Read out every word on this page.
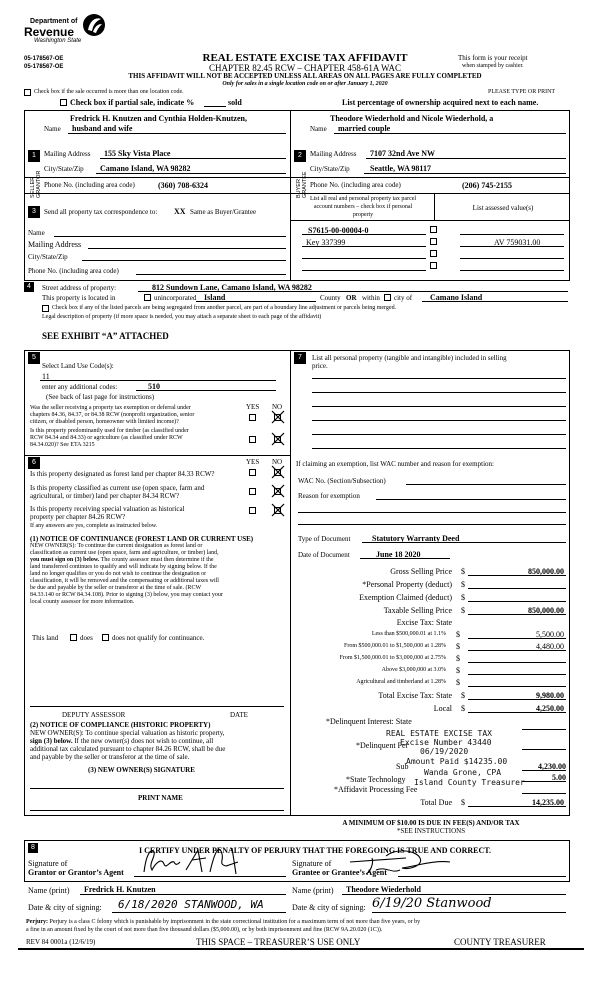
Department of
Revenue
Washington State
05-178567-OE
05-178567-OE
REAL ESTATE EXCISE TAX AFFIDAVIT
CHAPTER 82.45 RCW – CHAPTER 458-61A WAC
This form is your receipt
when stamped by cashier.
THIS AFFIDAVIT WILL NOT BE ACCEPTED UNLESS ALL AREAS ON ALL PAGES ARE FULLY COMPLETED
Only for sales in a single location code on or after January 1, 2020
Check box if the sale occurred is more than one location code.	PLEASE TYPE OR PRINT
Check box if partial sale, indicate %	sold	List percentage of ownership acquired next to each name.
1
SELLER GRANTOR
Fredrick H. Knutzen and Cynthia Holden-Knutzen,
Name husband and wife
Mailing Address 155 Sky Vista Place
City/State/Zip Camano Island, WA 98282
Phone No. (including area code)	(360) 708-6324
2
BUYER GRANTEE
Theodore Wiederhold and Nicole Wiederhold, a
Name married couple
Mailing Address 7107 32nd Ave NW
City/State/Zip	Seattle, WA 98117
Phone No. (including area code)	(206) 745-2155
3	Send all property tax correspondence to: XX Same as Buyer/Grantee
Name
Mailing Address
City/State/Zip
Phone No. (including area code)
List all real and personal property tax parcel
account numbers – check box if personal
property
List assessed value(s)
S7615-00-00004-0
Key 337399	AV 759031.00
4	Street address of property:	812 Sundown Lane, Camano Island, WA 98282
This property is located in	unincorporated Island	County OR within city of Camano Island
Check box if any of the listed parcels are being segregated from another parcel, are part of a boundary line adjustment or parcels being merged.
Legal description of property (if more space is needed, you may attach a separate sheet to each page of the affidavit)
SEE EXHIBIT “A” ATTACHED
5
Select Land Use Code(s):
11
enter any additional codes:	510
(See back of last page for instructions)
YES NO
Was the seller receiving a property tax exemption or deferral under
chapters 84.36, 84.37, or 84.38 RCW (nonprofit organization, senior
citizen, or disabled person, homeowner with limited income)?
Is this property predominantly used for timber (as classified under
RCW 84.34 and 84.33) or agriculture (as classified under RCW
84.34.020)? See ETA 3215
6	YES NO
Is this property designated as forest land per chapter 84.33 RCW?
Is this property classified as current use (open space, farm and
agricultural, or timber) land per chapter 84.34 RCW?
Is this property receiving special valuation as historical
property per chapter 84.26 RCW?
If any answers are yes, complete as instructed below.
(1) NOTICE OF CONTINUANCE (FOREST LAND OR CURRENT USE)
NEW OWNER(S): To continue the current designation as forest land or
classification as current use (open space, farm and agriculture, or timber) land,
you must sign on (3) below. The county assessor must then determine if the
land transferred continues to qualify and will indicate by signing below. If the
land no longer qualifies or you do not wish to continue the designation or
classification, it will be removed and the compensating or additional taxes will
be due and payable by the seller or transferor at the time of sale. (RCW
84.33.140 or RCW 84.34.108). Prior to signing (3) below, you may contact your
local county assessor for more information.
This land	does	does not qualify for continuance.
DEPUTY ASSESSOR	DATE
(2) NOTICE OF COMPLIANCE (HISTORIC PROPERTY)
NEW OWNER(S): To continue special valuation as historic property,
sign (3) below. If the new owner(s) does not wish to continue, all
additional tax calculated pursuant to chapter 84.26 RCW, shall be due
and payable by the seller or transferor at the time of sale.
(3) NEW OWNER(S) SIGNATURE
PRINT NAME
7	List all personal property (tangible and intangible) included in selling
price.
If claiming an exemption, list WAC number and reason for exemption:
WAC No. (Section/Subsection)
Reason for exemption
Type of Document	Statutory Warranty Deed
Date of Document	June 18 2020
Gross Selling Price $	850,000.00
*Personal Property (deduct) $
Exemption Claimed (deduct) $
Taxable Selling Price $	850,000.00
Excise Tax: State
Less than $500,000.01 at 1.1% $	5,500.00
From $500,000.01 to $1,500,000 at 1.28% $	4,480.00
From $1,500,000.01 to $3,000,000 at 2.75% $
Above $3,000,000 at 3.0% $
Agricultural and timberland at 1.28% $
Total Excise Tax: State $	9,980.00
Local $	4,250.00
*Delinquent Interest: State
*Delinquent Per
Sub	4,230.00
*State Technology	5.00
*Affidavit Processing Fee
Total Due $	14,235.00
REAL ESTATE EXCISE TAX
Excise Number 43440
06/19/2020
Amount Paid $14235.00
Wanda Grone, CPA
Island County Treasurer
A MINIMUM OF $10.00 IS DUE IN FEE(S) AND/OR TAX
*SEE INSTRUCTIONS
8	I CERTIFY UNDER PENALTY OF PERJURY THAT THE FOREGOING IS TRUE AND CORRECT.
Signature of
Grantor or Grantor’s Agent
Signature of
Grantee or Grantee’s Agent
Name (print) Fredrick H. Knutzen	Name (print) Theodore Wiederhold
Date & city of signing: 6/18/2020 STANWOOD, WA	Date & city of signing: 6/19/20 Stanwood
Perjury: Perjury is a class C felony which is punishable by imprisonment in the state correctional institution for a maximum term of not more than five years, or by
a fine in an amount fixed by the court of not more than five thousand dollars ($5,000.00), or by both imprisonment and fine (RCW 9A.20.020 (1C)).
REV 84 0001a (12/6/19)	THIS SPACE – TREASURER’S USE ONLY	COUNTY TREASURER
